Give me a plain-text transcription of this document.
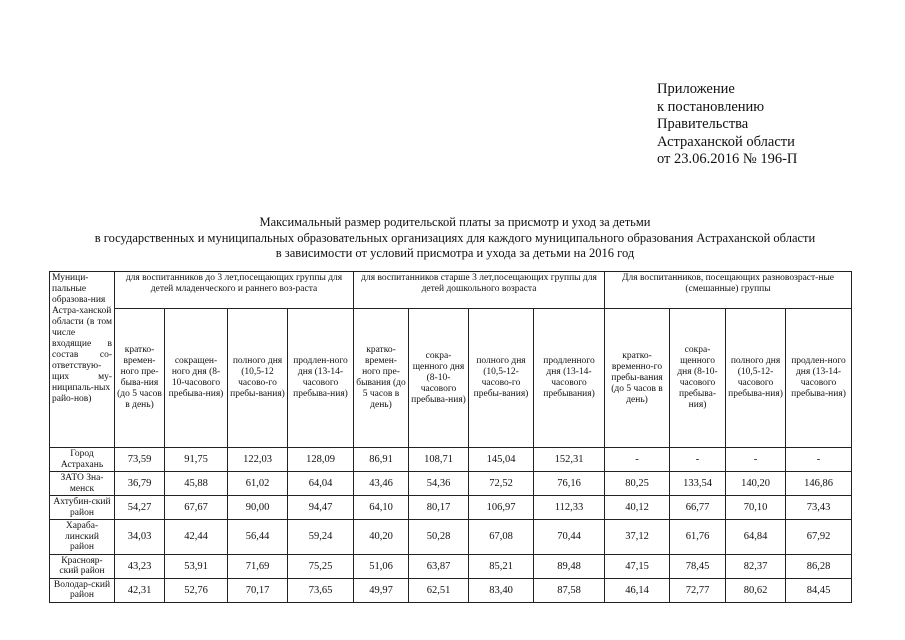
Приложение
к постановлению
Правительства
Астраханской области
от 23.06.2016 № 196-П
Максимальный размер родительской платы за присмотр и уход за детьми
в государственных и муниципальных образовательных организациях для каждого муниципального образования Астраханской области
в зависимости от условий присмотра и ухода за детьми на 2016 год
Муници-пальные образова-ния Астра-ханской области (в том числе входящие в состав со-ответствую-щих му-ниципаль-ных райо-нов)	для воспитанников до 3 лет,посещающих группы для детей младенческого и раннего воз-раста				для воспитанников старше 3 лет,посещающих группы для детей дошкольного возраста				Для воспитанников, посещающих разновозраст-ные (смешанные) группы			
	кратко-времен-ного пре-быва-ния (до 5 часов в день)	сокращен-ного дня (8-10-часового пребыва-ния)	полного дня (10,5-12 часово-го пребы-вания)	продлен-ного дня (13-14-часового пребыва-ния)	кратко-времен-ного пре-бывания (до 5 часов в день)	сокра-щенного дня (8-10-часового пребыва-ния)	полного дня (10,5-12-часово-го пребы-вания)	продленного дня (13-14-часового пребывания)	кратко-временно-го пребы-вания (до 5 часов в день)	сокра-щенного дня (8-10-часового пребыва-ния)	полного дня (10,5-12-часового пребыва-ния)	продлен-ного дня (13-14-часового пребыва-ния)
Город Астрахань	73,59	91,75	122,03	128,09	86,91	108,71	145,04	152,31	-	-	-	-
ЗАТО Зна-менск	36,79	45,88	61,02	64,04	43,46	54,36	72,52	76,16	80,25	133,54	140,20	146,86
Ахтубин-ский район	54,27	67,67	90,00	94,47	64,10	80,17	106,97	112,33	40,12	66,77	70,10	73,43
Хараба-линский район	34,03	42,44	56,44	59,24	40,20	50,28	67,08	70,44	37,12	61,76	64,84	67,92
Краснояр-ский район	43,23	53,91	71,69	75,25	51,06	63,87	85,21	89,48	47,15	78,45	82,37	86,28
Володар-ский район	42,31	52,76	70,17	73,65	49,97	62,51	83,40	87,58	46,14	72,77	80,62	84,45
